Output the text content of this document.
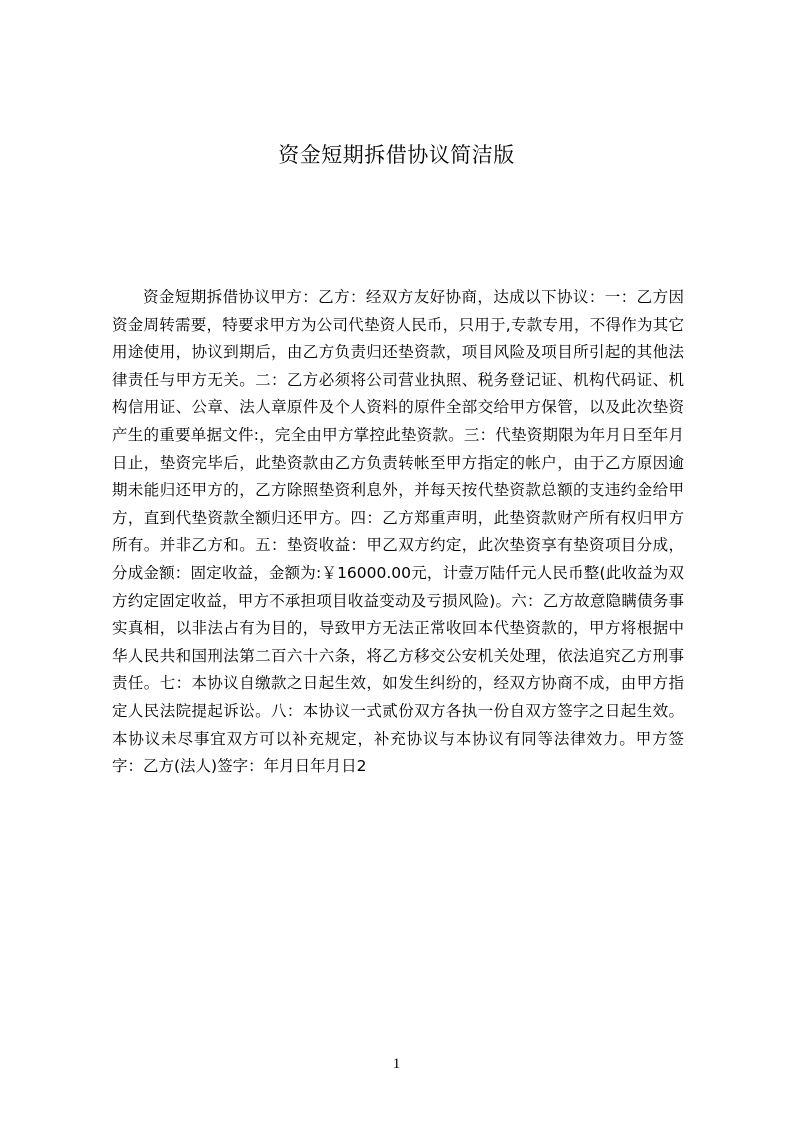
资金短期拆借协议简洁版

资金短期拆借协议甲方：乙方：经双方友好协商，达成以下协议：一：乙方因资金周转需要，特要求甲方为公司代垫资人民币，只用于,专款专用，不得作为其它用途使用，协议到期后，由乙方负责归还垫资款，项目风险及项目所引起的其他法律责任与甲方无关。二：乙方必须将公司营业执照、税务登记证、机构代码证、机构信用证、公章、法人章原件及个人资料的原件全部交给甲方保管，以及此次垫资产生的重要单据文件:，完全由甲方掌控此垫资款。三：代垫资期限为年月日至年月日止，垫资完毕后，此垫资款由乙方负责转帐至甲方指定的帐户，由于乙方原因逾期未能归还甲方的，乙方除照垫资利息外，并每天按代垫资款总额的支违约金给甲方，直到代垫资款全额归还甲方。四：乙方郑重声明，此垫资款财产所有权归甲方所有。并非乙方和。五：垫资收益：甲乙双方约定，此次垫资享有垫资项目分成，分成金额：固定收益，金额为:￥16000.00元，计壹万陆仟元人民币整(此收益为双方约定固定收益，甲方不承担项目收益变动及亏损风险)。六：乙方故意隐瞒债务事实真相，以非法占有为目的，导致甲方无法正常收回本代垫资款的，甲方将根据中华人民共和国刑法第二百六十六条，将乙方移交公安机关处理，依法追究乙方刑事责任。七：本协议自缴款之日起生效，如发生纠纷的，经双方协商不成，由甲方指定人民法院提起诉讼。八：本协议一式贰份双方各执一份自双方签字之日起生效。本协议未尽事宜双方可以补充规定，补充协议与本协议有同等法律效力。甲方签字：乙方(法人)签字：年月日年月日2

1
